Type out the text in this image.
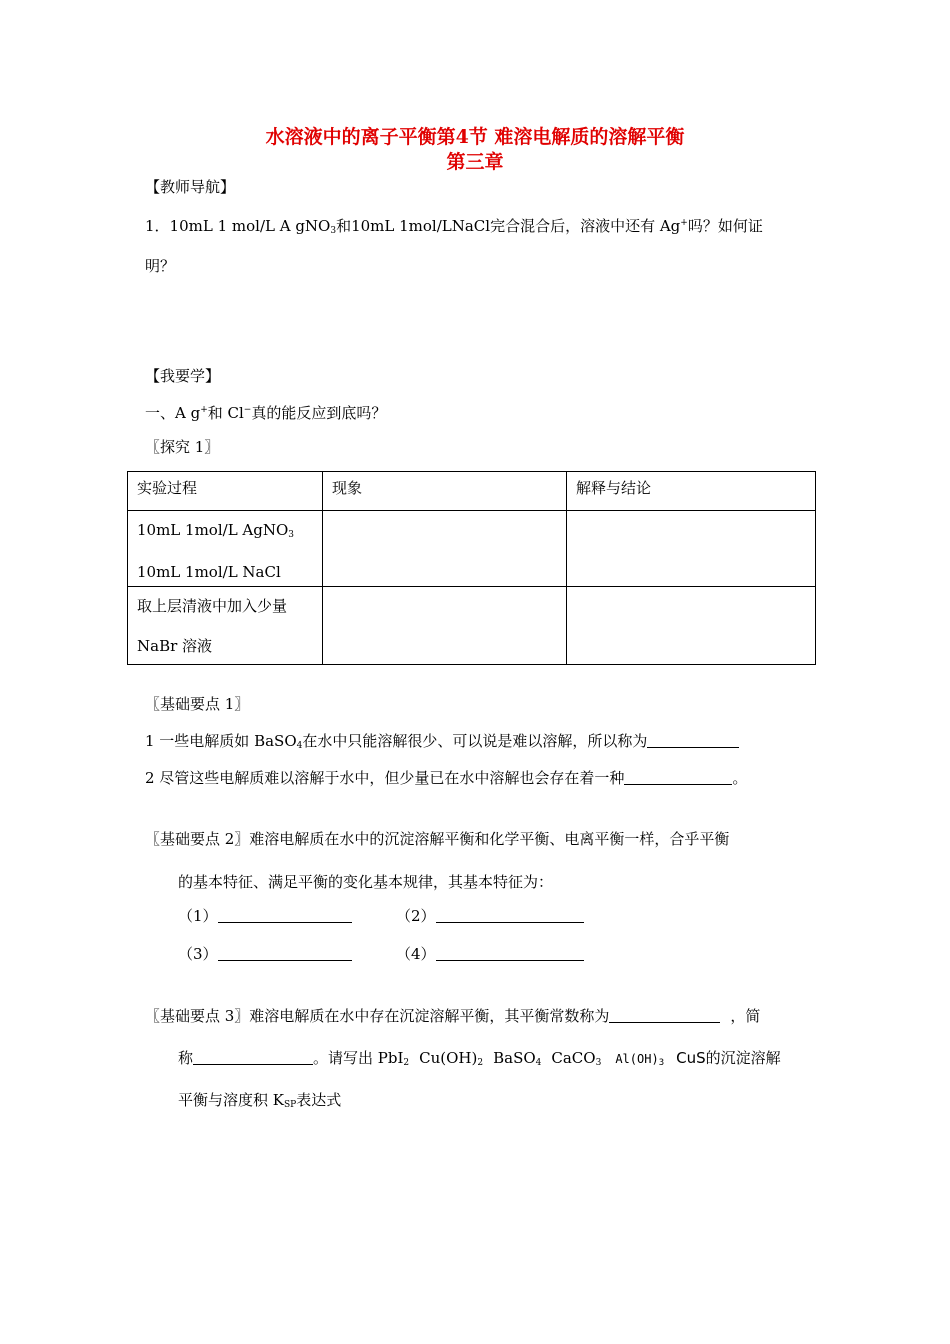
水溶液中的离子平衡第4节 难溶电解质的溶解平衡
第三章
【教师导航】
1．10mL 1 mol/L A gNO$_3$和10mL 1mol/LNaCl完合混合后，溶液中还有 Ag+吗？如何证
明？
【我要学】
一、A g+和 Cl−真的能反应到底吗？
〖探究 1〗
实验过程	现象	解释与结论

10mL 1mol/L AgNO$_3$
10mL 1mol/L NaCl		

取上层清液中加入少量
NaBr 溶液		

〖基础要点 1〗
1 一些电解质如 BaSO$_4$在水中只能溶解很少、可以说是难以溶解，所以称为
2 尽管这些电解质难以溶解于水中，但少量已在水中溶解也会存在着一种	。
〖基础要点 2〗难溶电解质在水中的沉淀溶解平衡和化学平衡、电离平衡一样，合乎平衡
的基本特征、满足平衡的变化基本规律，其基本特征为：
（1）	（2）
（3）	（4）
〖基础要点 3〗难溶电解质在水中存在沉淀溶解平衡，其平衡常数称为	，简
称	。请写出 PbI$_2$ $Cu(OH)_2$ BaSO$_4$ CaCO$_3$ $Al(OH)_3$ CuS的沉淀溶解
平衡与溶度积 $K_{SP}$表达式
